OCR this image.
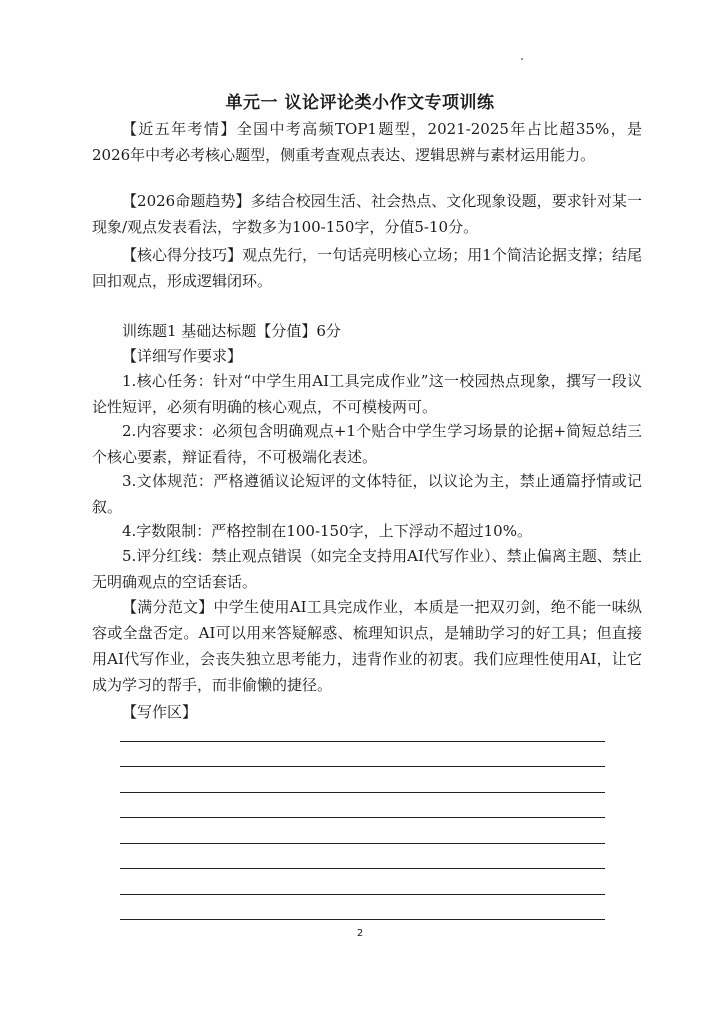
单元一 议论评论类小作文专项训练
【近五年考情】全国中考高频TOP1题型，2021-2025年占比超35%，是2026年中考必考核心题型，侧重考查观点表达、逻辑思辨与素材运用能力。
【2026命题趋势】多结合校园生活、社会热点、文化现象设题，要求针对某一现象/观点发表看法，字数多为100-150字，分值5-10分。
【核心得分技巧】观点先行，一句话亮明核心立场；用1个简洁论据支撑；结尾回扣观点，形成逻辑闭环。
训练题1 基础达标题【分值】6分
【详细写作要求】
1.核心任务：针对“中学生用AI工具完成作业”这一校园热点现象，撰写一段议论性短评，必须有明确的核心观点，不可模棱两可。
2.内容要求：必须包含明确观点+1个贴合中学生学习场景的论据+简短总结三个核心要素，辩证看待，不可极端化表述。
3.文体规范：严格遵循议论短评的文体特征，以议论为主，禁止通篇抒情或记叙。
4.字数限制：严格控制在100-150字，上下浮动不超过10%。
5.评分红线：禁止观点错误（如完全支持用AI代写作业）、禁止偏离主题、禁止无明确观点的空话套话。
【满分范文】中学生使用AI工具完成作业，本质是一把双刃剑，绝不能一味纵容或全盘否定。AI可以用来答疑解惑、梳理知识点，是辅助学习的好工具；但直接用AI代写作业，会丧失独立思考能力，违背作业的初衷。我们应理性使用AI，让它成为学习的帮手，而非偷懒的捷径。
【写作区】
2
